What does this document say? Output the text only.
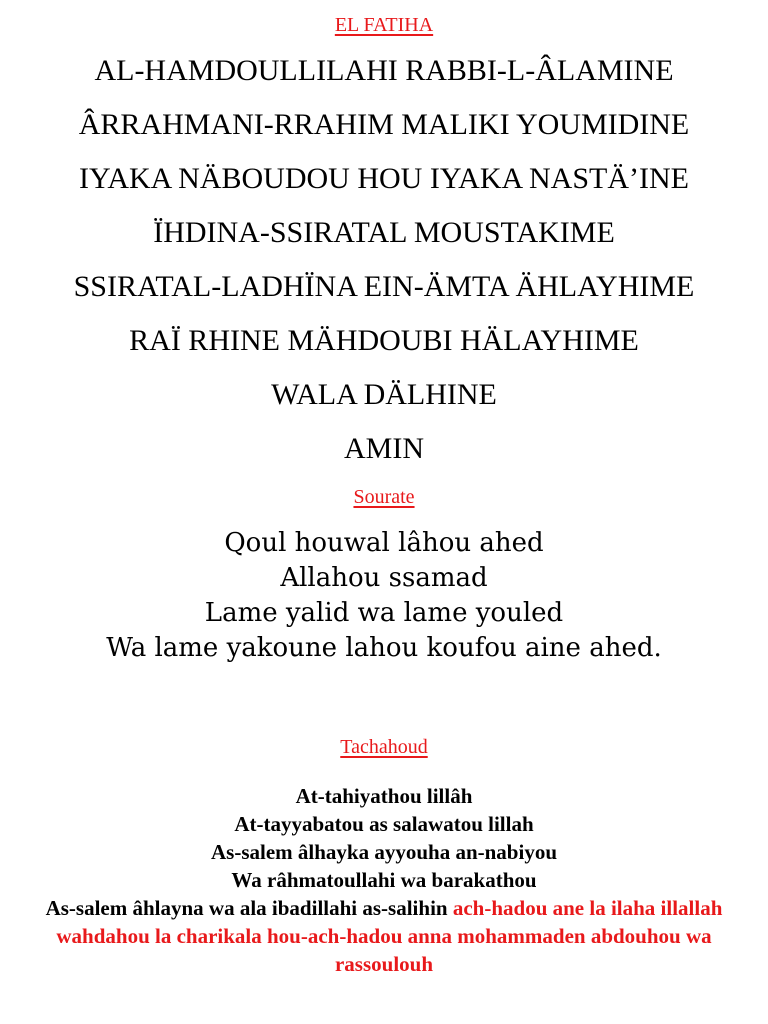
EL FATIHA
AL-HAMDOULLILAHI RABBI-L-ÂLAMINE
ÂRRAHMANI-RRAHIM MALIKI YOUMIDINE
IYAKA NÄBOUDOU HOU IYAKA NASTÄ’INE
ÏHDINA-SSIRATAL MOUSTAKIME
SSIRATAL-LADHÏNA EIN-ÄMTA ÄHLAYHIME
RAÏ RHINE MÄHDOUBI HÄLAYHIME
WALA DÄLHINE
AMIN
Sourate
Qoul houwal lâhou ahed
Allahou ssamad
Lame yalid wa lame youled
Wa lame yakoune lahou koufou aine ahed.
Tachahoud
At-tahiyathou lillâh
At-tayyabatou as salawatou lillah
As-salem âlhayka ayyouha an-nabiyou
Wa râhmatoullahi wa barakathou

As-salem âhlayna wa ala ibadillahi as-salihin ach-hadou ane la ilaha illallah wahdahou la charikala hou-ach-hadou anna mohammaden abdouhou wa rassoulouh
